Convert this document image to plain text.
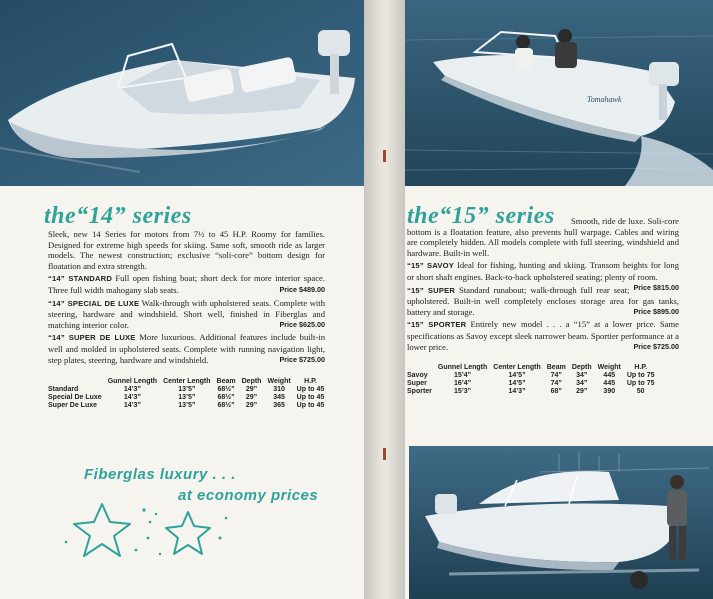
the“14” series

Sleek, new 14 Series for motors from 7½ to 45 H.P. Roomy for families. Designed for extreme high speeds for skiing. Same soft, smooth ride as larger models. The newest construction; exclusive “soli-core” bottom design for floatation and extra strength.

“14” STANDARD Full open fishing boat; short deck for more interior space. Three full width mahogany slab seats.	Price $489.00

“14” SPECIAL DE LUXE Walk-through with upholstered seats. Complete with steering, hardware and windshield. Short well, finished in Fiberglas and matching interior color.	Price $625.00

“14” SUPER DE LUXE More luxurious. Additional features include built-in well and molded in upholstered seats. Complete with running navigation light, step plates, steering, hardware and windshield.	Price $725.00

	Gunnel Length	Center Length	Beam	Depth	Weight	H.P.
Standard	14’3”	13’5”	68½”	29”	310	Up to 45
Special De Luxe	14’3”	13’5”	68½”	29”	345	Up to 45
Super De Luxe	14’3”	13’5”	68½”	29”	365	Up to 45
Fiberglas luxury . . .
at economy prices
Tomahawk
the“15” series	Smooth, ride de luxe. Soli-core bottom is a floatation feature, also prevents hull warpage. Cables and wiring are completely hidden. All models complete with full steering, windshield and hardware. Built-in well.

“15” SAVOY Ideal for fishing, hunting and skiing. Transom heights for long or short shaft engines. Back-to-back upholstered seating; plenty of room.
Price $815.00

“15” SUPER Standard runabout; walk-through full rear seat; upholstered. Built-in well completely encloses storage area for gas tanks, battery and storage.	Price $895.00

“15” SPORTER Entirely new model . . . a “15” at a lower price. Same specifications as Savoy except sleek narrower beam. Sportier performance at a lower price.	Price $725.00

	Gunnel Length	Center Length	Beam	Depth	Weight	H.P.
Savoy	15’4”	14’5”	74”	34”	445	Up to 75
Super	16’4”	14’5”	74”	34”	445	Up to 75
Sporter	15’3”	14’3”	68”	29”	390	50
